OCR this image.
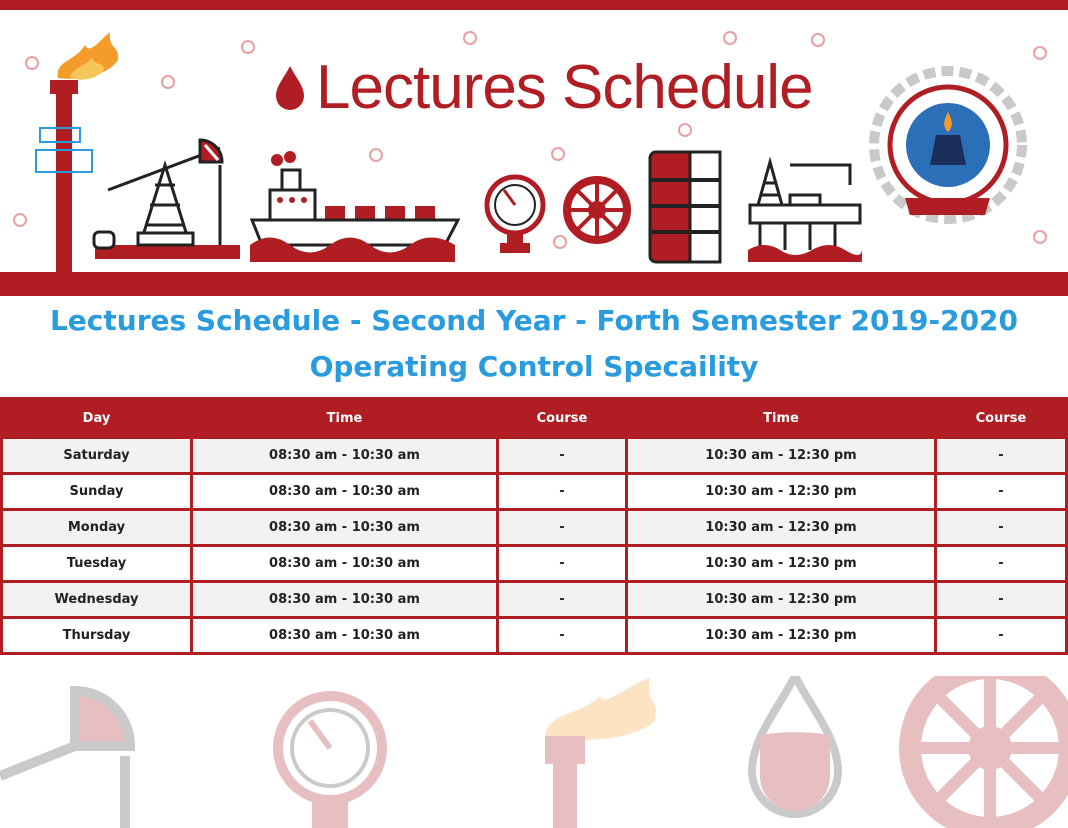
Lectures Schedule
Lectures Schedule - Second Year - Forth Semester 2019-2020
Operating Control Specaility
Day	Time	Course	Time	Course
Saturday	08:30 am - 10:30 am	-	10:30 am - 12:30 pm	-
Sunday	08:30 am - 10:30 am	-	10:30 am - 12:30 pm	-
Monday	08:30 am - 10:30 am	-	10:30 am - 12:30 pm	-
Tuesday	08:30 am - 10:30 am	-	10:30 am - 12:30 pm	-
Wednesday	08:30 am - 10:30 am	-	10:30 am - 12:30 pm	-
Thursday	08:30 am - 10:30 am	-	10:30 am - 12:30 pm	-
